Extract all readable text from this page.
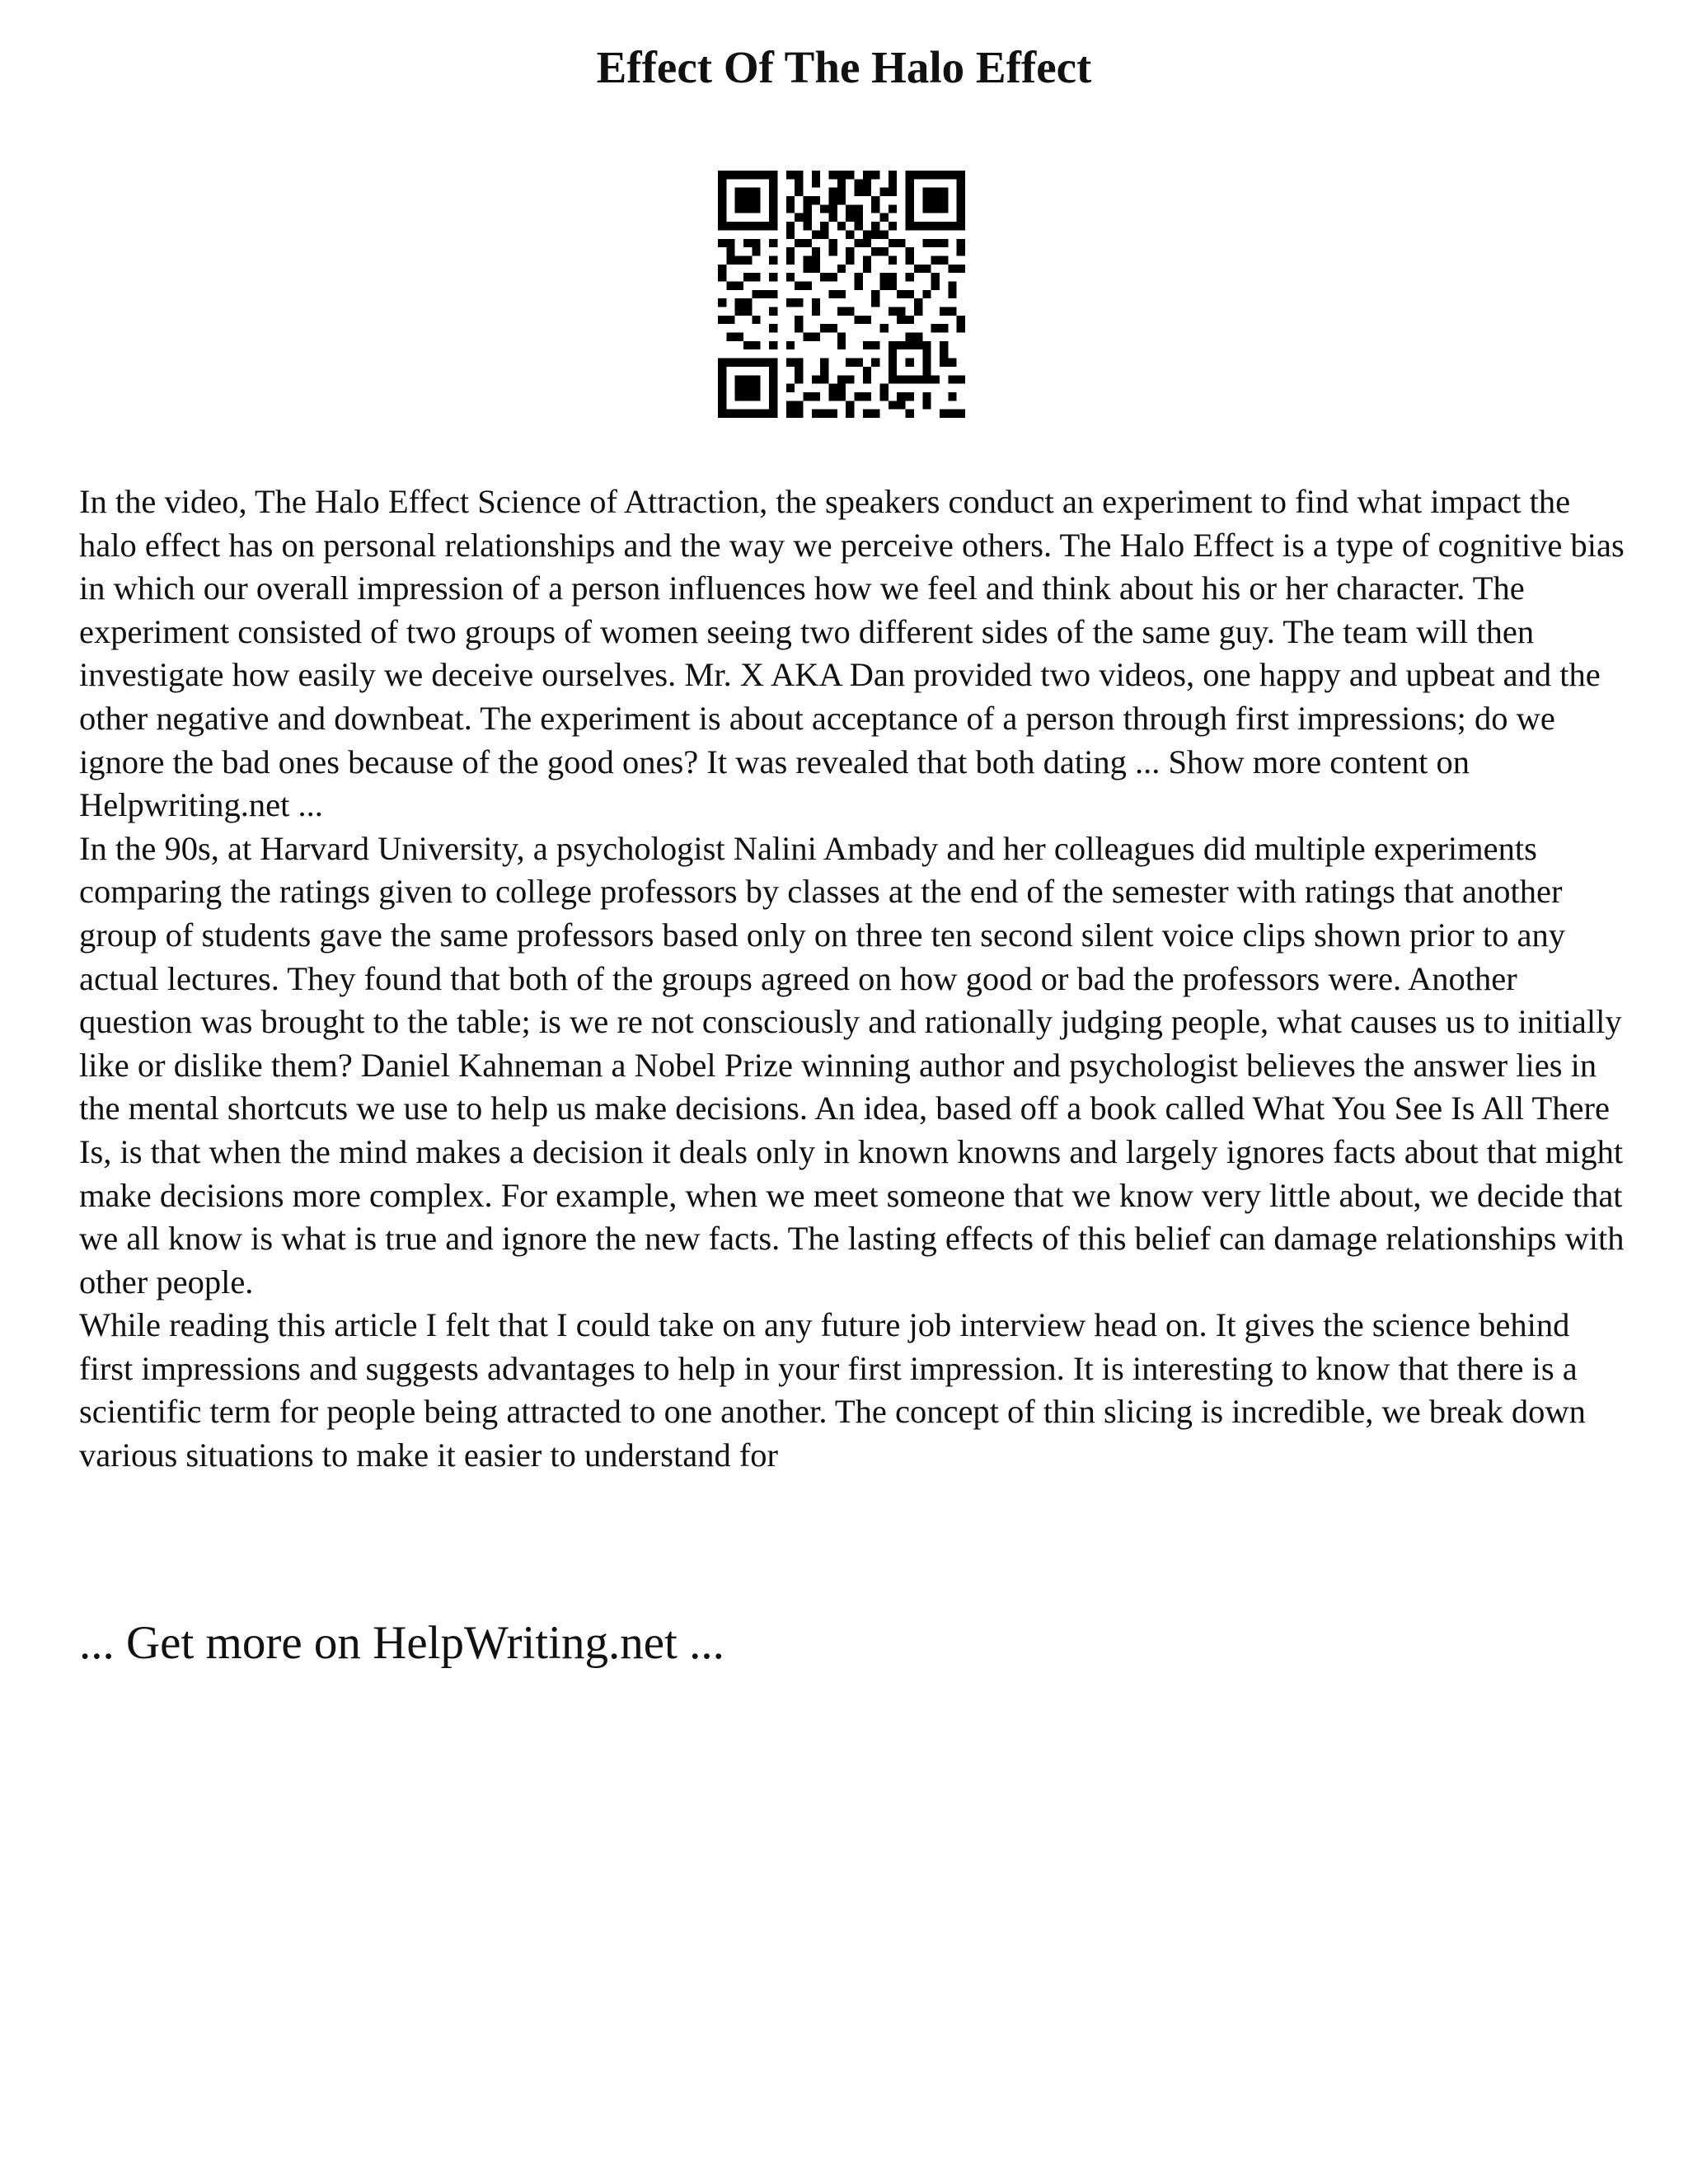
Effect Of The Halo Effect

In the video, The Halo Effect Science of Attraction, the speakers conduct an experiment to find what impact the halo effect has on personal relationships and the way we perceive others. The Halo Effect is a type of cognitive bias in which our overall impression of a person influences how we feel and think about his or her character. The experiment consisted of two groups of women seeing two different sides of the same guy. The team will then investigate how easily we deceive ourselves. Mr. X AKA Dan provided two videos, one happy and upbeat and the other negative and downbeat. The experiment is about acceptance of a person through first impressions; do we ignore the bad ones because of the good ones? It was revealed that both dating ... Show more content on Helpwriting.net ...

In the 90s, at Harvard University, a psychologist Nalini Ambady and her colleagues did multiple experiments comparing the ratings given to college professors by classes at the end of the semester with ratings that another group of students gave the same professors based only on three ten second silent voice clips shown prior to any actual lectures. They found that both of the groups agreed on how good or bad the professors were. Another question was brought to the table; is we re not consciously and rationally judging people, what causes us to initially like or dislike them? Daniel Kahneman a Nobel Prize winning author and psychologist believes the answer lies in the mental shortcuts we use to help us make decisions. An idea, based off a book called What You See Is All There Is, is that when the mind makes a decision it deals only in known knowns and largely ignores facts about that might make decisions more complex. For example, when we meet someone that we know very little about, we decide that we all know is what is true and ignore the new facts. The lasting effects of this belief can damage relationships with other people.

While reading this article I felt that I could take on any future job interview head on. It gives the science behind first impressions and suggests advantages to help in your first impression. It is interesting to know that there is a scientific term for people being attracted to one another. The concept of thin slicing is incredible, we break down various situations to make it easier to understand for

... Get more on HelpWriting.net ...
